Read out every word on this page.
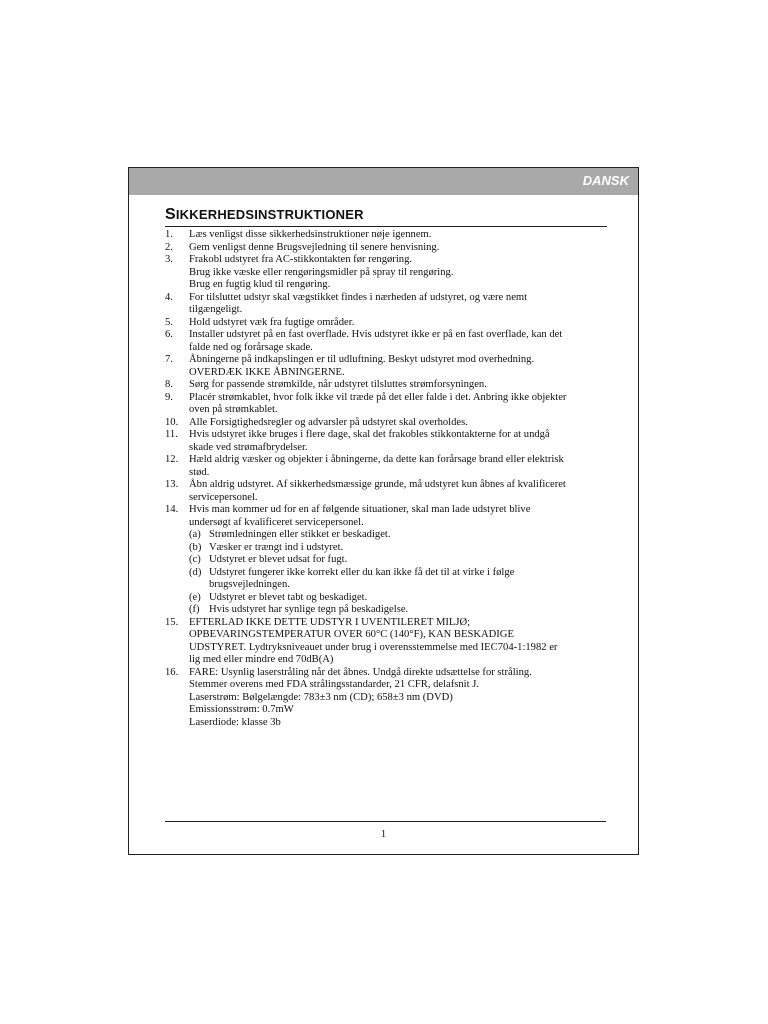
DANSK
SIKKERHEDSINSTRUKTIONER
1.	Læs venligst disse sikkerhedsinstruktioner nøje igennem.
2.	Gem venligst denne Brugsvejledning til senere henvisning.
3.	Frakobl udstyret fra AC-stikkontakten før rengøring.
Brug ikke væske eller rengøringsmidler på spray til rengøring.
Brug en fugtig klud til rengøring.
4.	For tilsluttet udstyr skal vægstikket findes i nærheden af udstyret, og være nemt
tilgængeligt.
5.	Hold udstyret væk fra fugtige områder.
6.	Installer udstyret på en fast overflade. Hvis udstyret ikke er på en fast overflade, kan det
falde ned og forårsage skade.
7.	Åbningerne på indkapslingen er til udluftning. Beskyt udstyret mod overhedning.
OVERDÆK IKKE ÅBNINGERNE.
8.	Sørg for passende strømkilde, når udstyret tilsluttes strømforsyningen.
9.	Placér strømkablet, hvor folk ikke vil træde på det eller falde i det. Anbring ikke objekter
oven på strømkablet.
10.	Alle Forsigtighedsregler og advarsler på udstyret skal overholdes.
11.	Hvis udstyret ikke bruges i flere dage, skal det frakobles stikkontakterne for at undgå
skade ved strømafbrydelser.
12.	Hæld aldrig væsker og objekter i åbningerne, da dette kan forårsage brand eller elektrisk
stød.
13.	Åbn aldrig udstyret. Af sikkerhedsmæssige grunde, må udstyret kun åbnes af kvalificeret
servicepersonel.
14.	Hvis man kommer ud for en af følgende situationer, skal man lade udstyret blive
undersøgt af kvalificeret servicepersonel.
(a) Strømledningen eller stikket er beskadiget.
(b) Væsker er trængt ind i udstyret.
(c) Udstyret er blevet udsat for fugt.
(d) Udstyret fungerer ikke korrekt eller du kan ikke få det til at virke i følge
brugsvejledningen.
(e) Udstyret er blevet tabt og beskadiget.
(f) Hvis udstyret har synlige tegn på beskadigelse.
15.	EFTERLAD IKKE DETTE UDSTYR I UVENTILERET MILJØ;
OPBEVARINGSTEMPERATUR OVER 60°C (140°F), KAN BESKADIGE
UDSTYRET. Lydtryksniveauet under brug i overensstemmelse med IEC704-1:1982 er
lig med eller mindre end 70dB(A)
16.	FARE: Usynlig laserstråling når det åbnes. Undgå direkte udsættelse for stråling.
Stemmer overens med FDA strålingsstandarder, 21 CFR, delafsnit J.
Laserstrøm: Bølgelængde: 783±3 nm (CD); 658±3 nm (DVD)
Emissionsstrøm: 0.7mW
Laserdiode: klasse 3b
1
